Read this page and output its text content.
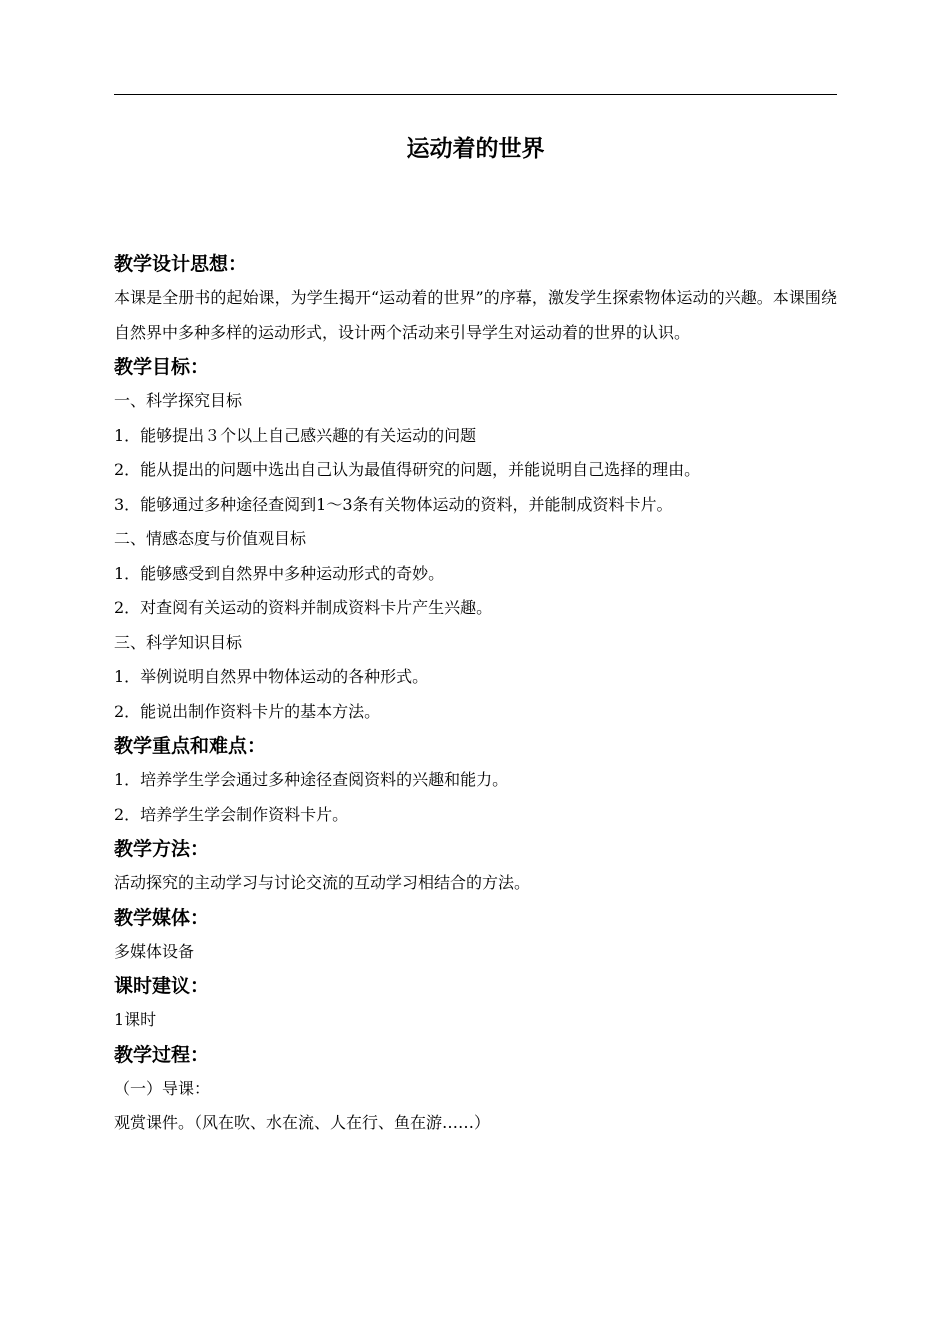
运动着的世界
教学设计思想：

本课是全册书的起始课，为学生揭开“运动着的世界”的序幕，激发学生探索物体运动的兴趣。本课围绕自然界中多种多样的运动形式，设计两个活动来引导学生对运动着的世界的认识。

教学目标：

一、科学探究目标

1．能够提出３个以上自己感兴趣的有关运动的问题
2．能从提出的问题中选出自己认为最值得研究的问题，并能说明自己选择的理由。
3．能够通过多种途径查阅到1～3条有关物体运动的资料，并能制成资料卡片。

二、情感态度与价值观目标

1．能够感受到自然界中多种运动形式的奇妙。
2．对查阅有关运动的资料并制成资料卡片产生兴趣。

三、科学知识目标

1．举例说明自然界中物体运动的各种形式。
2．能说出制作资料卡片的基本方法。
教学重点和难点：
1．培养学生学会通过多种途径查阅资料的兴趣和能力。
2．培养学生学会制作资料卡片。
教学方法：

活动探究的主动学习与讨论交流的互动学习相结合的方法。

教学媒体：

多媒体设备

课时建议：

1课时

教学过程：

（一）导课：

观赏课件。（风在吹、水在流、人在行、鱼在游……）
